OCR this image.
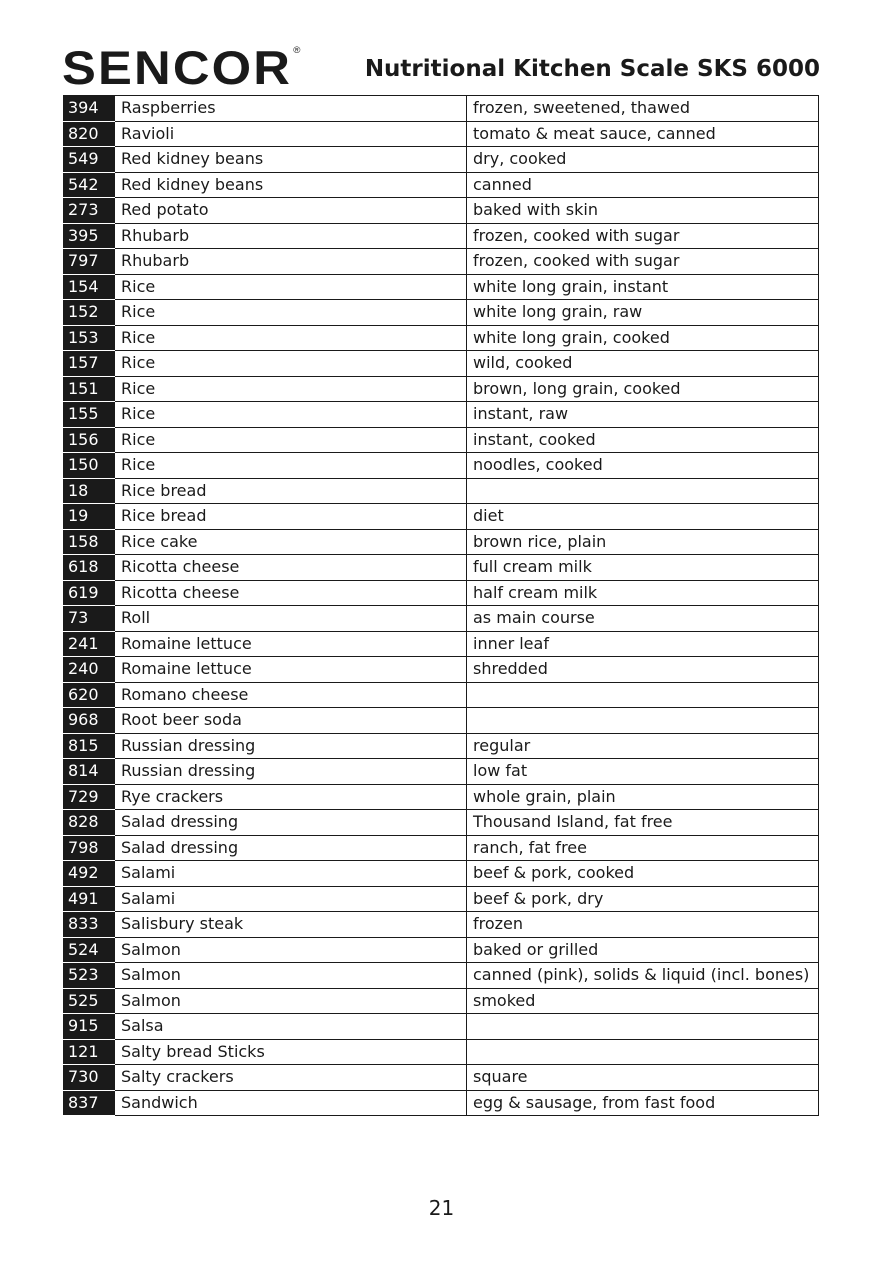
SENCOR®
Nutritional Kitchen Scale SKS 6000
394	Raspberries	frozen, sweetened, thawed
820	Ravioli	tomato & meat sauce, canned
549	Red kidney beans	dry, cooked
542	Red kidney beans	canned
273	Red potato	baked with skin
395	Rhubarb	frozen, cooked with sugar
797	Rhubarb	frozen, cooked with sugar
154	Rice	white long grain, instant
152	Rice	white long grain, raw
153	Rice	white long grain, cooked
157	Rice	wild, cooked
151	Rice	brown, long grain, cooked
155	Rice	instant, raw
156	Rice	instant, cooked
150	Rice	noodles, cooked
18	Rice bread	
19	Rice bread	diet
158	Rice cake	brown rice, plain
618	Ricotta cheese	full cream milk
619	Ricotta cheese	half cream milk
73	Roll	as main course
241	Romaine lettuce	inner leaf
240	Romaine lettuce	shredded
620	Romano cheese	
968	Root beer soda	
815	Russian dressing	regular
814	Russian dressing	low fat
729	Rye crackers	whole grain, plain
828	Salad dressing	Thousand Island, fat free
798	Salad dressing	ranch, fat free
492	Salami	beef & pork, cooked
491	Salami	beef & pork, dry
833	Salisbury steak	frozen
524	Salmon	baked or grilled
523	Salmon	canned (pink), solids & liquid (incl. bones)
525	Salmon	smoked
915	Salsa	
121	Salty bread Sticks	
730	Salty crackers	square
837	Sandwich	egg & sausage, from fast food
21
